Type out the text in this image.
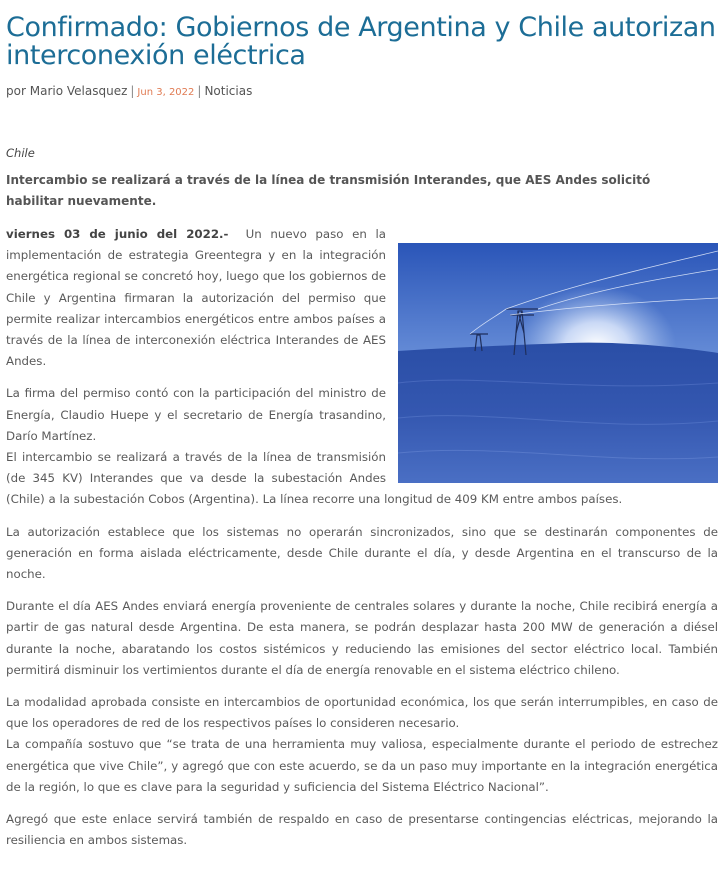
Confirmado: Gobiernos de Argentina y Chile autorizan interconexión eléctrica
por Mario Velasquez | Jun 3, 2022 | Noticias
Chile
Intercambio se realizará a través de la línea de transmisión Interandes, que AES Andes solicitó habilitar nuevamente.

viernes 03 de junio del 2022.- Un nuevo paso en la implementación de estrategia Greentegra y en la integración energética regional se concretó hoy, luego que los gobiernos de Chile y Argentina firmaran la autorización del permiso que permite realizar intercambios energéticos entre ambos países a través de la línea de interconexión eléctrica Interandes de AES Andes.

La firma del permiso contó con la participación del ministro de Energía, Claudio Huepe y el secretario de Energía trasandino, Darío Martínez.

El intercambio se realizará a través de la línea de transmisión (de 345 KV) Interandes que va desde la subestación Andes (Chile) a la subestación Cobos (Argentina). La línea recorre una longitud de 409 KM entre ambos países.

La autorización establece que los sistemas no operarán sincronizados, sino que se destinarán componentes de generación en forma aislada eléctricamente, desde Chile durante el día, y desde Argentina en el transcurso de la noche.

Durante el día AES Andes enviará energía proveniente de centrales solares y durante la noche, Chile recibirá energía a partir de gas natural desde Argentina. De esta manera, se podrán desplazar hasta 200 MW de generación a diésel durante la noche, abaratando los costos sistémicos y reduciendo las emisiones del sector eléctrico local. También permitirá disminuir los vertimientos durante el día de energía renovable en el sistema eléctrico chileno.

La modalidad aprobada consiste en intercambios de oportunidad económica, los que serán interrumpibles, en caso de que los operadores de red de los respectivos países lo consideren necesario.

La compañía sostuvo que “se trata de una herramienta muy valiosa, especialmente durante el periodo de estrechez energética que vive Chile”, y agregó que con este acuerdo, se da un paso muy importante en la integración energética de la región, lo que es clave para la seguridad y suficiencia del Sistema Eléctrico Nacional”.

Agregó que este enlace servirá también de respaldo en caso de presentarse contingencias eléctricas, mejorando la resiliencia en ambos sistemas.
